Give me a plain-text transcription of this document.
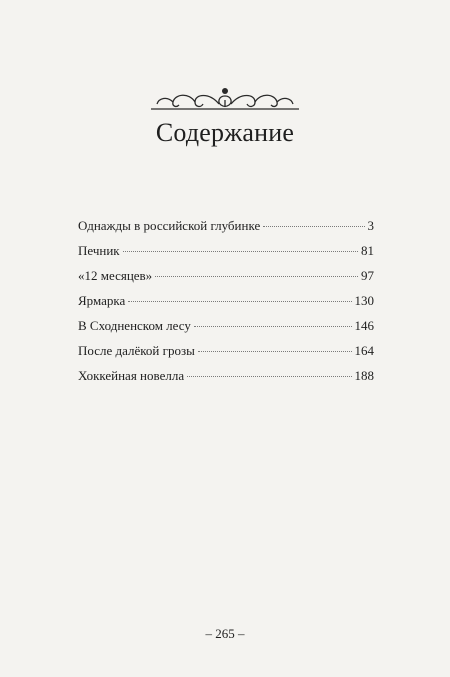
Содержание
Однажды в российской глубинке	3
Печник	81
«12 месяцев»	97
Ярмарка	130
В Сходненском лесу	146
После далёкой грозы	164
Хоккейная новелла	188
– 265 –
